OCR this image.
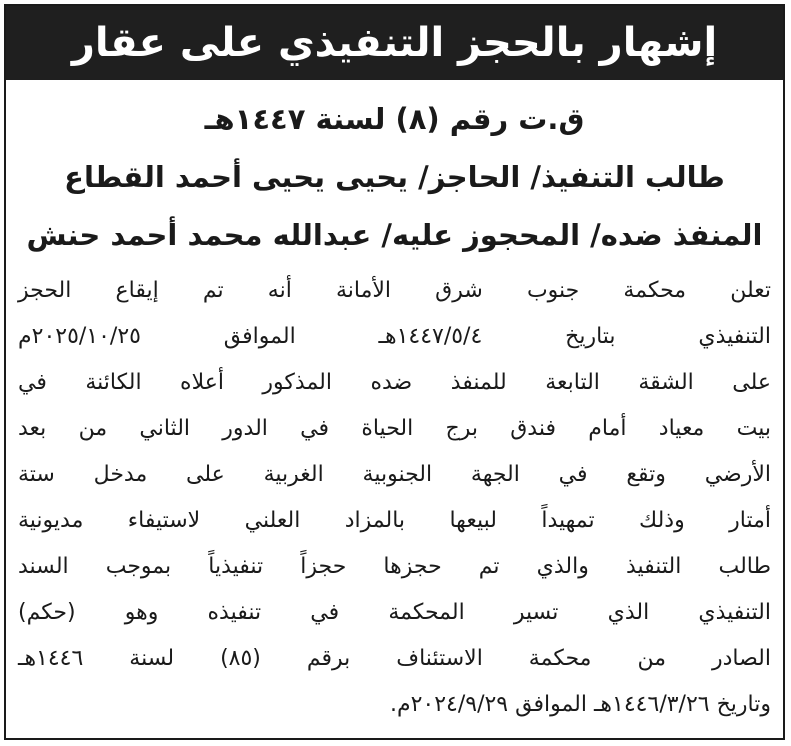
إشهار بالحجز التنفيذي على عقار
ق.ت رقم (٨) لسنة ١٤٤٧هـ
طالب التنفيذ/ الحاجز/ يحيى يحيى أحمد القطاع
المنفذ ضده/ المحجوز عليه/ عبدالله محمد أحمد حنش
تعلن محكمة جنوب شرق الأمانة أنه تم إيقاع الحجز
التنفيذي بتاريخ ١٤٤٧/٥/٤هـ الموافق ٢٠٢٥/١٠/٢٥م
على الشقة التابعة للمنفذ ضده المذكور أعلاه الكائنة في
بيت معياد أمام فندق برج الحياة في الدور الثاني من بعد
الأرضي وتقع في الجهة الجنوبية الغربية على مدخل ستة
أمتار وذلك تمهيداً لبيعها بالمزاد العلني لاستيفاء مديونية
طالب التنفيذ والذي تم حجزها حجزاً تنفيذياً بموجب السند
التنفيذي الذي تسير المحكمة في تنفيذه وهو (حكم)
الصادر من محكمة الاستئناف برقم (٨٥) لسنة ١٤٤٦هـ
وتاريخ ١٤٤٦/٣/٢٦هـ الموافق ٢٠٢٤/٩/٢٩م.
